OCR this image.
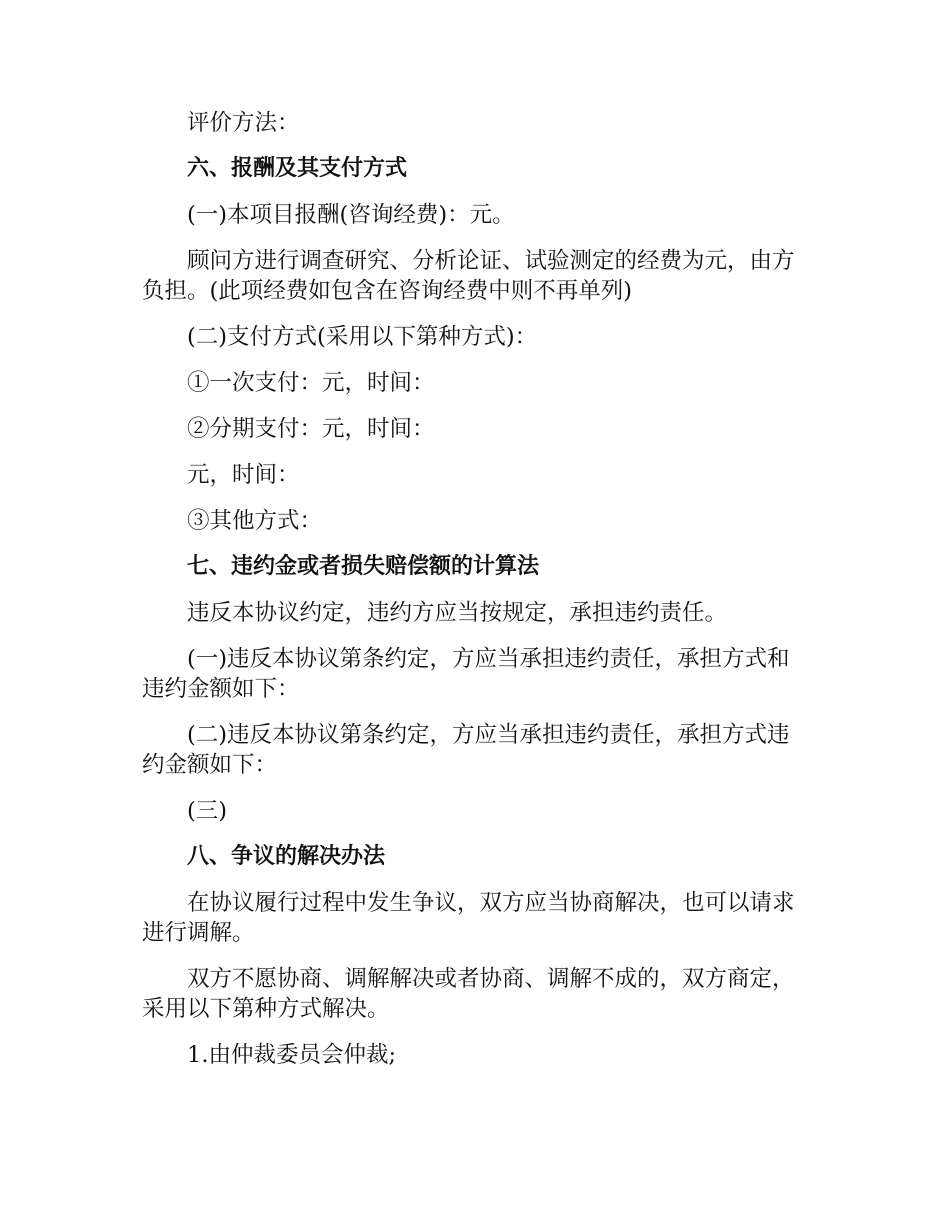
评价方法：

六、报酬及其支付方式

(一)本项目报酬(咨询经费)：元。

顾问方进行调查研究、分析论证、试验测定的经费为元，由方负担。(此项经费如包含在咨询经费中则不再单列)

(二)支付方式(采用以下第种方式)：

①一次支付：元，时间：

②分期支付：元，时间：

元，时间：

③其他方式：

七、违约金或者损失赔偿额的计算法

违反本协议约定，违约方应当按规定，承担违约责任。

(一)违反本协议第条约定，方应当承担违约责任，承担方式和违约金额如下：

(二)违反本协议第条约定，方应当承担违约责任，承担方式违约金额如下：

(三)

八、争议的解决办法

在协议履行过程中发生争议，双方应当协商解决，也可以请求进行调解。

双方不愿协商、调解解决或者协商、调解不成的，双方商定，采用以下第种方式解决。

1.由仲裁委员会仲裁;
